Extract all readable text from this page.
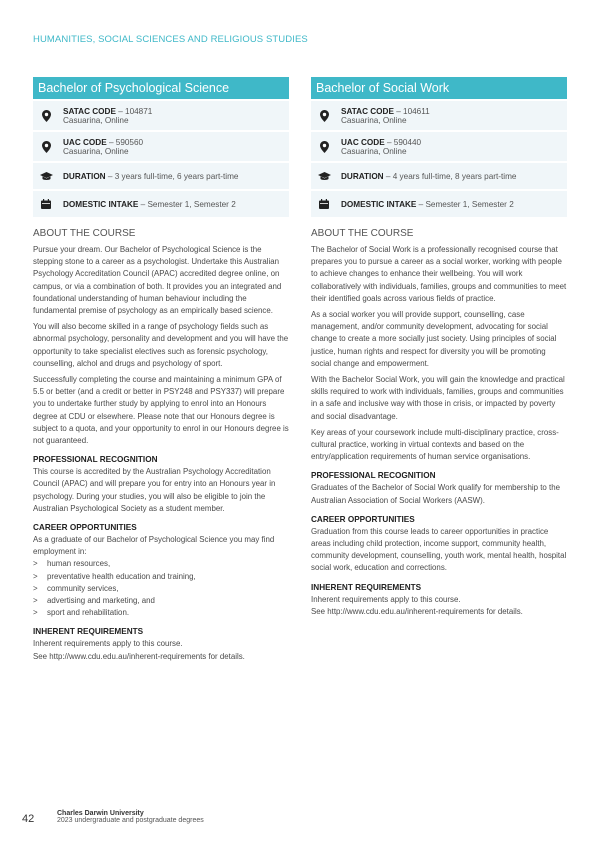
HUMANITIES, SOCIAL SCIENCES AND RELIGIOUS STUDIES
Bachelor of Psychological Science
SATAC CODE – 104871
Casuarina, Online
UAC CODE – 590560
Casuarina, Online
DURATION – 3 years full-time, 6 years part-time
DOMESTIC INTAKE – Semester 1, Semester 2
ABOUT THE COURSE

Pursue your dream. Our Bachelor of Psychological Science is the stepping stone to a career as a psychologist. Undertake this Australian Psychology Accreditation Council (APAC) accredited degree online, on campus, or via a combination of both. It provides you an integrated and foundational understanding of human behaviour including the fundamental premise of psychology as an empirically based science.

You will also become skilled in a range of psychology fields such as abnormal psychology, personality and development and you will have the opportunity to take specialist electives such as forensic psychology, counselling, alchol and drugs and psychology of sport.

Successfully completing the course and maintaining a minimum GPA of 5.5 or better (and a credit or better in PSY248 and PSY337) will prepare you to undertake further study by applying to enrol into an Honours degree at CDU or elsewhere. Please note that our Honours degree is subject to a quota, and your opportunity to enrol in our Honours degree is not guaranteed.

PROFESSIONAL RECOGNITION

This course is accredited by the Australian Psychology Accreditation Council (APAC) and will prepare you for entry into an Honours year in psychology. During your studies, you will also be eligible to join the Australian Psychological Society as a student member.

CAREER OPPORTUNITIES

As a graduate of our Bachelor of Psychological Science you may find employment in:

> human resources,
> preventative health education and training,
> community services,
> advertising and marketing, and
> sport and rehabilitation.
INHERENT REQUIREMENTS

Inherent requirements apply to this course.

See http://www.cdu.edu.au/inherent-requirements for details.

Bachelor of Social Work
SATAC CODE – 104611
Casuarina, Online
UAC CODE – 590440
Casuarina, Online
DURATION – 4 years full-time, 8 years part-time
DOMESTIC INTAKE – Semester 1, Semester 2
ABOUT THE COURSE

The Bachelor of Social Work is a professionally recognised course that prepares you to pursue a career as a social worker, working with people to achieve changes to enhance their wellbeing. You will work collaboratively with individuals, families, groups and communities to meet their identified goals across various fields of practice.

As a social worker you will provide support, counselling, case management, and/or community development, advocating for social change to create a more socially just society. Using principles of social justice, human rights and respect for diversity you will be promoting social change and empowerment.

With the Bachelor Social Work, you will gain the knowledge and practical skills required to work with individuals, families, groups and communities in a safe and inclusive way with those in crisis, or impacted by poverty and social disadvantage.

Key areas of your coursework include multi-disciplinary practice, cross-cultural practice, working in virtual contexts and based on the entry/application requirements of human service organisations.

PROFESSIONAL RECOGNITION

Graduates of the Bachelor of Social Work qualify for membership to the Australian Association of Social Workers (AASW).

CAREER OPPORTUNITIES

Graduation from this course leads to career opportunities in practice areas including child protection, income support, community health, community development, counselling, youth work, mental health, hospital social work, education and corrections.

INHERENT REQUIREMENTS

Inherent requirements apply to this course.

See http://www.cdu.edu.au/inherent-requirements for details.

42	Charles Darwin University
2023 undergraduate and postgraduate degrees
